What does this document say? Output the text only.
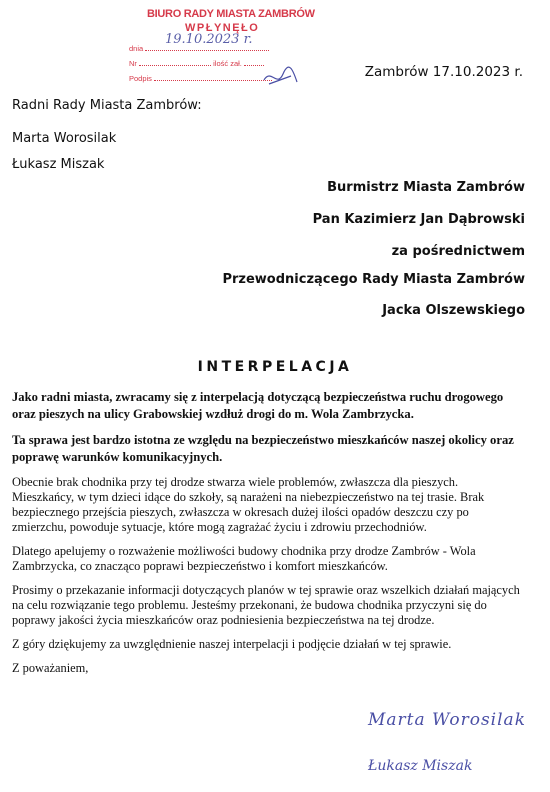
BIURO RADY MIASTA ZAMBRÓW
WPŁYNĘŁO
dnia
19.10.2023 r.
Nr	ilość zał.
Podpis	Zambrów 17.10.2023 r.
Radni Rady Miasta Zambrów:
Marta Worosilak
Łukasz Miszak
Burmistrz Miasta Zambrów
Pan Kazimierz Jan Dąbrowski
za pośrednictwem
Przewodniczącego Rady Miasta Zambrów
Jacka Olszewskiego
INTERPELACJA

Jako radni miasta, zwracamy się z interpelacją dotyczącą bezpieczeństwa ruchu drogowego oraz pieszych na ulicy Grabowskiej wzdłuż drogi do m. Wola Zambrzycka.

Ta sprawa jest bardzo istotna ze względu na bezpieczeństwo mieszkańców naszej okolicy oraz poprawę warunków komunikacyjnych.

Obecnie brak chodnika przy tej drodze stwarza wiele problemów, zwłaszcza dla pieszych. Mieszkańcy, w tym dzieci idące do szkoły, są narażeni na niebezpieczeństwo na tej trasie. Brak bezpiecznego przejścia pieszych, zwłaszcza w okresach dużej ilości opadów deszczu czy po zmierzchu, powoduje sytuacje, które mogą zagrażać życiu i zdrowiu przechodniów.

Dlatego apelujemy o rozważenie możliwości budowy chodnika przy drodze Zambrów - Wola Zambrzycka, co znacząco poprawi bezpieczeństwo i komfort mieszkańców.

Prosimy o przekazanie informacji dotyczących planów w tej sprawie oraz wszelkich działań mających na celu rozwiązanie tego problemu. Jesteśmy przekonani, że budowa chodnika przyczyni się do poprawy jakości życia mieszkańców oraz podniesienia bezpieczeństwa na tej drodze.

Z góry dziękujemy za uwzględnienie naszej interpelacji i podjęcie działań w tej sprawie.

Z poważaniem,

Marta Worosilak
Łukasz Miszak
